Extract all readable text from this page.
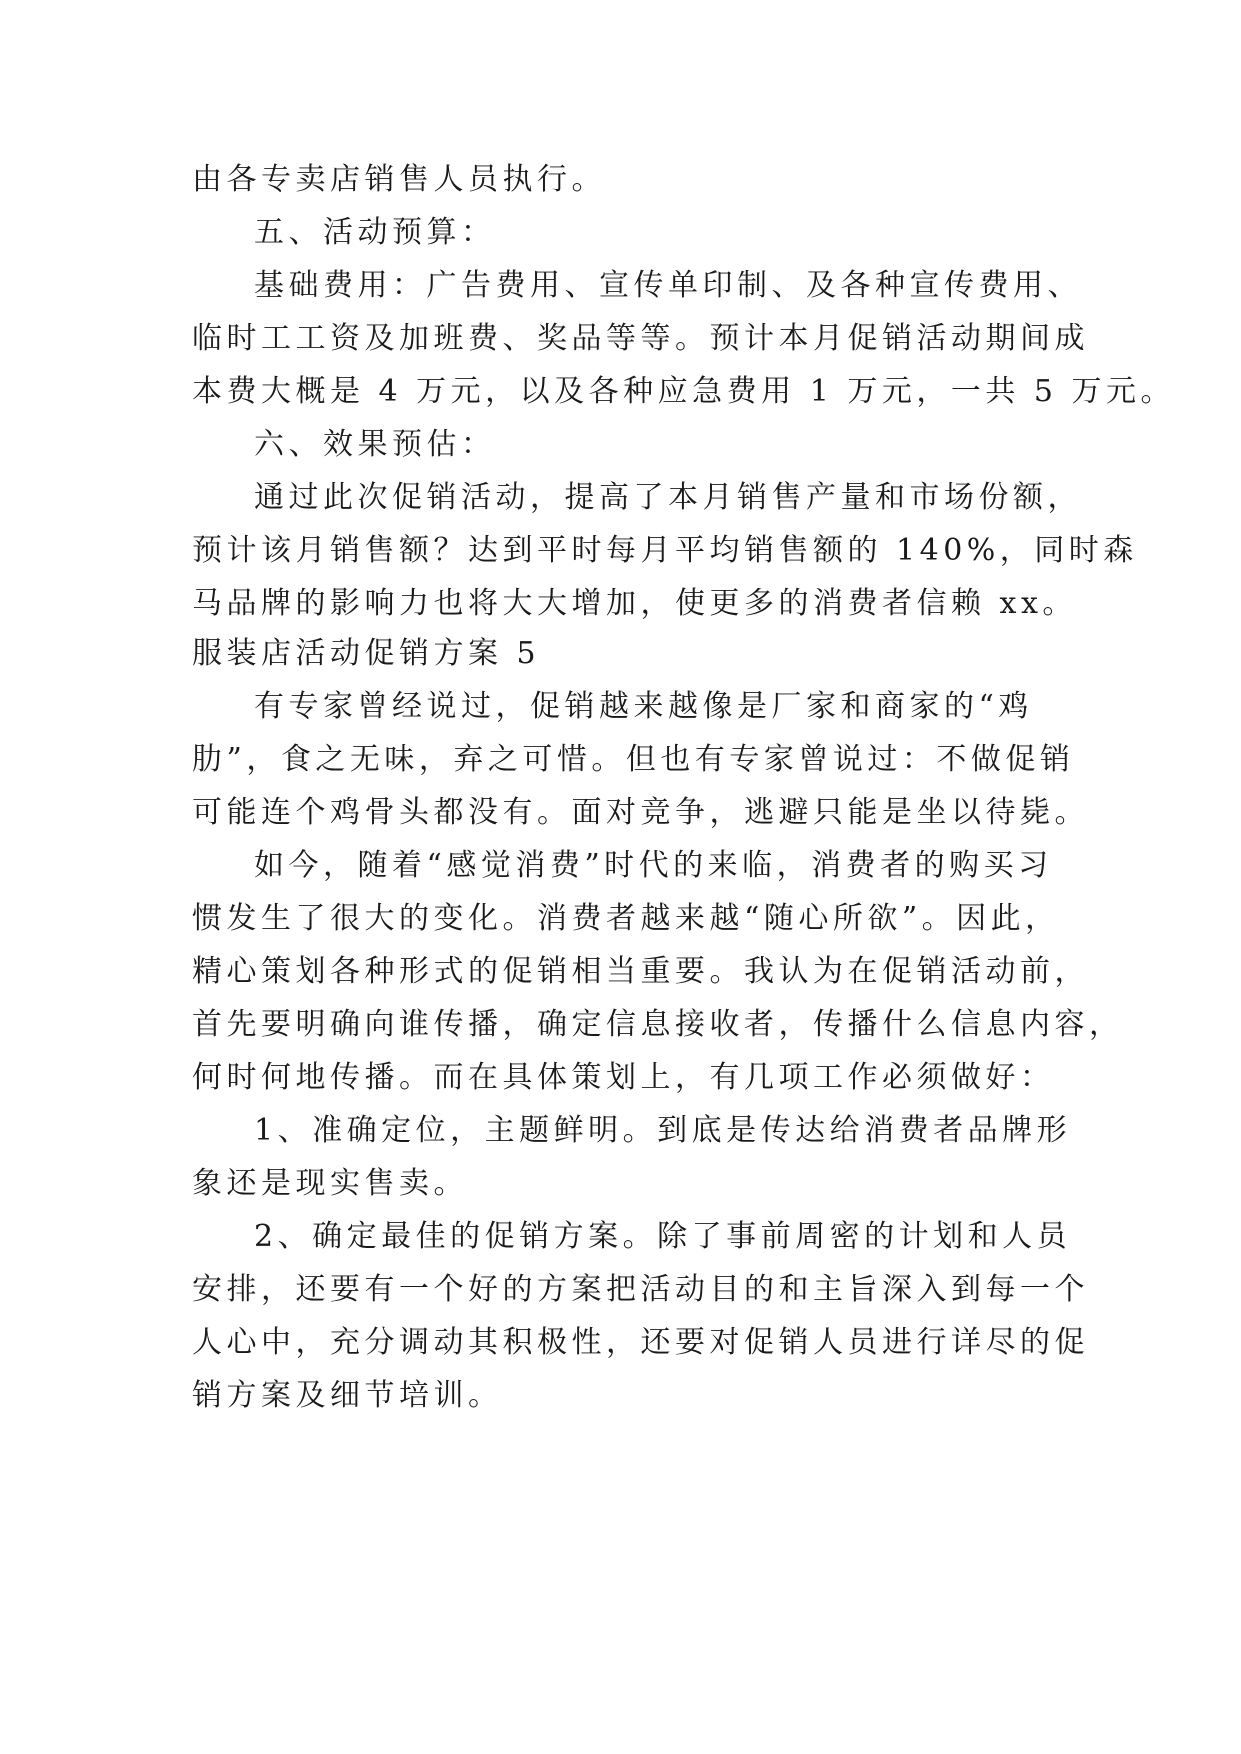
由各专卖店销售人员执行。
五、活动预算：
基础费用：广告费用、宣传单印制、及各种宣传费用、
临时工工资及加班费、奖品等等。预计本月促销活动期间成
本费大概是 4 万元，以及各种应急费用 1 万元，一共 5 万元。
六、效果预估：
通过此次促销活动，提高了本月销售产量和市场份额，
预计该月销售额？达到平时每月平均销售额的 140%，同时森
马品牌的影响力也将大大增加，使更多的消费者信赖 xx。
服装店活动促销方案 5
有专家曾经说过，促销越来越像是厂家和商家的“鸡
肋”，食之无味，弃之可惜。但也有专家曾说过：不做促销
可能连个鸡骨头都没有。面对竞争，逃避只能是坐以待毙。
如今，随着“感觉消费”时代的来临，消费者的购买习
惯发生了很大的变化。消费者越来越“随心所欲”。因此，
精心策划各种形式的促销相当重要。我认为在促销活动前，
首先要明确向谁传播，确定信息接收者，传播什么信息内容，
何时何地传播。而在具体策划上，有几项工作必须做好：
1、准确定位，主题鲜明。到底是传达给消费者品牌形
象还是现实售卖。
2、确定最佳的促销方案。除了事前周密的计划和人员
安排，还要有一个好的方案把活动目的和主旨深入到每一个
人心中，充分调动其积极性，还要对促销人员进行详尽的促
销方案及细节培训。
